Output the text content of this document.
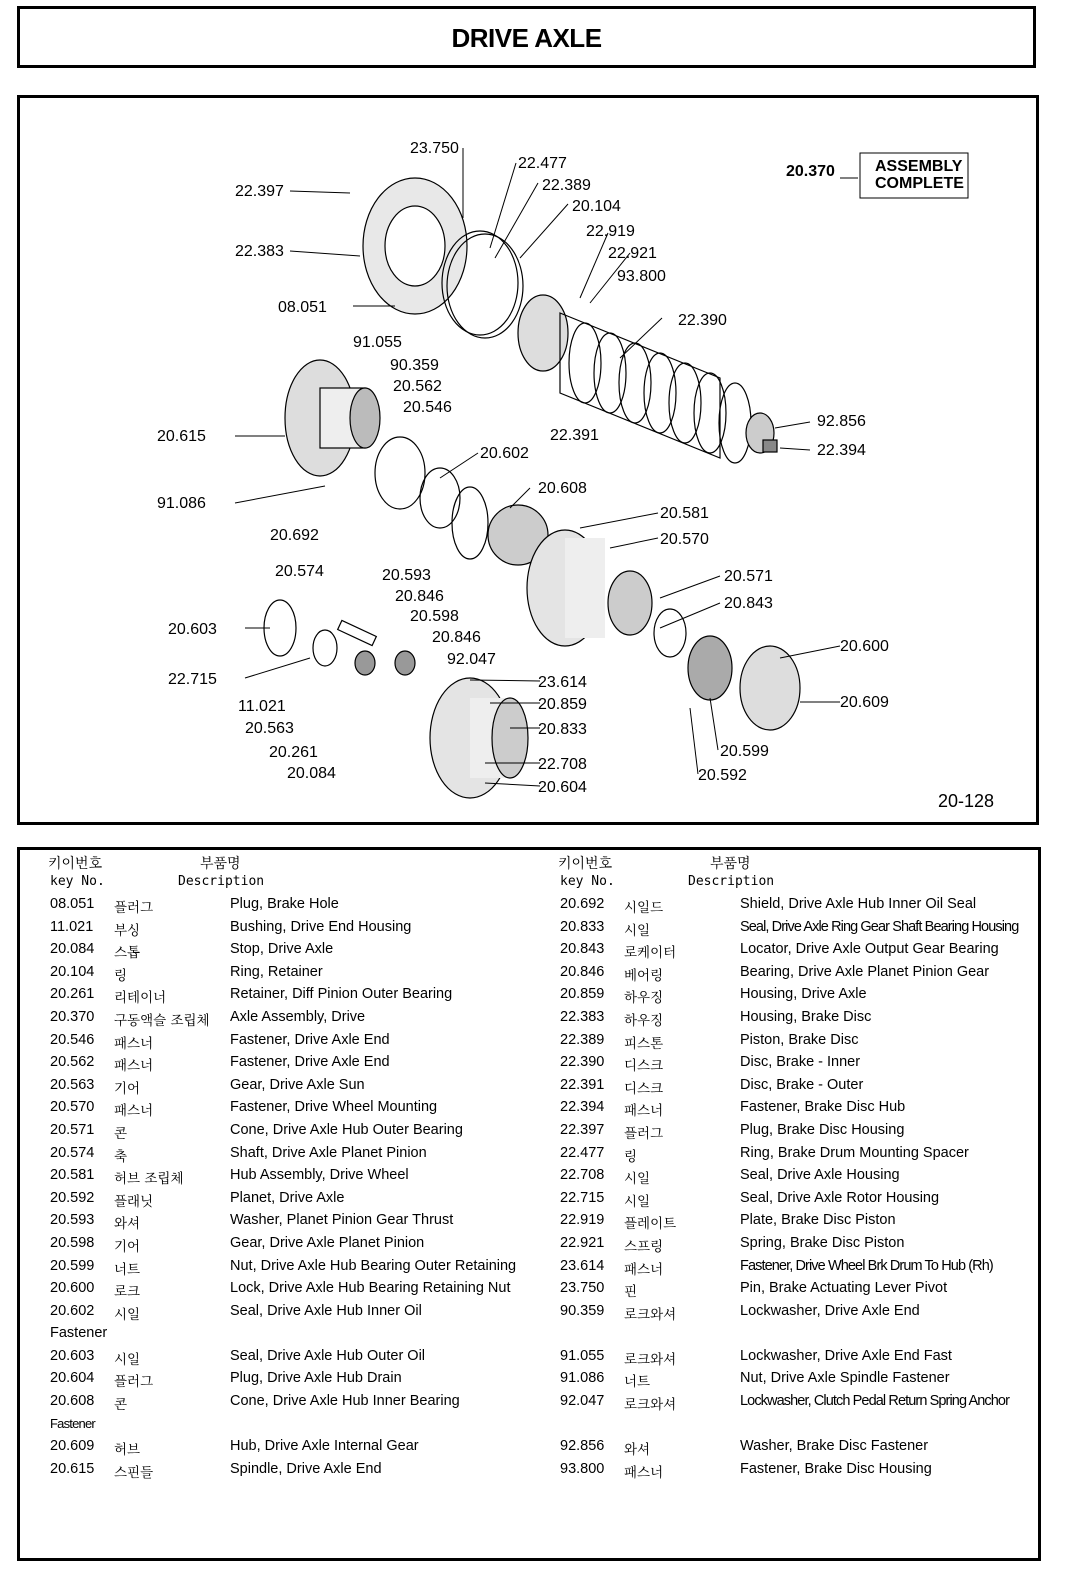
DRIVE AXLE
23.750
22.477
22.389
20.104
22.919
22.921
93.800
22.397
22.383
08.051
22.390
91.055
90.359
20.562
20.546
20.615	22.391
92.856
22.394
20.602
91.086
20.608
20.581
20.570
20.692
20.574	20.593
20.846
20.598
20.846
92.047
20.571
20.843
20.603
20.600
22.715	23.614
20.859
11.021
20.563	20.833
20.609
20.261
22.708
20.599
20.084
20.604
20.592
20.370	ASSEMBLY
COMPLETE
20-128
키이번호	부품명
key No.	Description
08.051 플러그	Plug, Brake Hole
11.021 부싱	Bushing, Drive End Housing
20.084 스톱	Stop, Drive Axle
20.104 링	Ring, Retainer
20.261 리테이너	Retainer, Diff Pinion Outer Bearing
20.370 구동액슬 조립체 Axle Assembly, Drive
20.546 패스너	Fastener, Drive Axle End
20.562 패스너	Fastener, Drive Axle End
20.563 기어	Gear, Drive Axle Sun
20.570 패스너	Fastener, Drive Wheel Mounting
20.571 콘	Cone, Drive Axle Hub Outer Bearing
20.574 축	Shaft, Drive Axle Planet Pinion
20.581 허브 조립체	Hub Assembly, Drive Wheel
20.592 플래닛	Planet, Drive Axle
20.593 와셔	Washer, Planet Pinion Gear Thrust
20.598 기어	Gear, Drive Axle Planet Pinion
20.599 너트	Nut, Drive Axle Hub Bearing Outer Retaining
20.600 로크	Lock, Drive Axle Hub Bearing Retaining Nut
20.602 시일	Seal, Drive Axle Hub Inner Oil
Fastener
20.603 시일	Seal, Drive Axle Hub Outer Oil
20.604 플러그	Plug, Drive Axle Hub Drain
20.608 콘	Cone, Drive Axle Hub Inner Bearing
Fastener
20.609 허브	Hub, Drive Axle Internal Gear
20.615 스핀들	Spindle, Drive Axle End
키이번호	부품명
key No.	Description
20.692 시일드	Shield, Drive Axle Hub Inner Oil Seal
20.833 시일	Seal, Drive Axle Ring Gear Shaft Bearing Housing
20.843 로케이터	Locator, Drive Axle Output Gear Bearing
20.846 베어링	Bearing, Drive Axle Planet Pinion Gear
20.859 하우징	Housing, Drive Axle
22.383 하우징	Housing, Brake Disc
22.389 피스톤	Piston, Brake Disc
22.390 디스크	Disc, Brake - Inner
22.391 디스크	Disc, Brake - Outer
22.394 패스너	Fastener, Brake Disc Hub
22.397 플러그	Plug, Brake Disc Housing
22.477 링	Ring, Brake Drum Mounting Spacer
22.708 시일	Seal, Drive Axle Housing
22.715 시일	Seal, Drive Axle Rotor Housing
22.919 플레이트	Plate, Brake Disc Piston
22.921 스프링	Spring, Brake Disc Piston
23.614 패스너	Fastener, Drive Wheel Brk Drum To Hub (Rh)
23.750 핀	Pin, Brake Actuating Lever Pivot
90.359 로크와셔	Lockwasher, Drive Axle End
91.055 로크와셔	Lockwasher, Drive Axle End Fast
91.086 너트	Nut, Drive Axle Spindle Fastener
92.047 로크와셔	Lockwasher, Clutch Pedal Return Spring Anchor
92.856 와셔	Washer, Brake Disc Fastener
93.800 패스너	Fastener, Brake Disc Housing
